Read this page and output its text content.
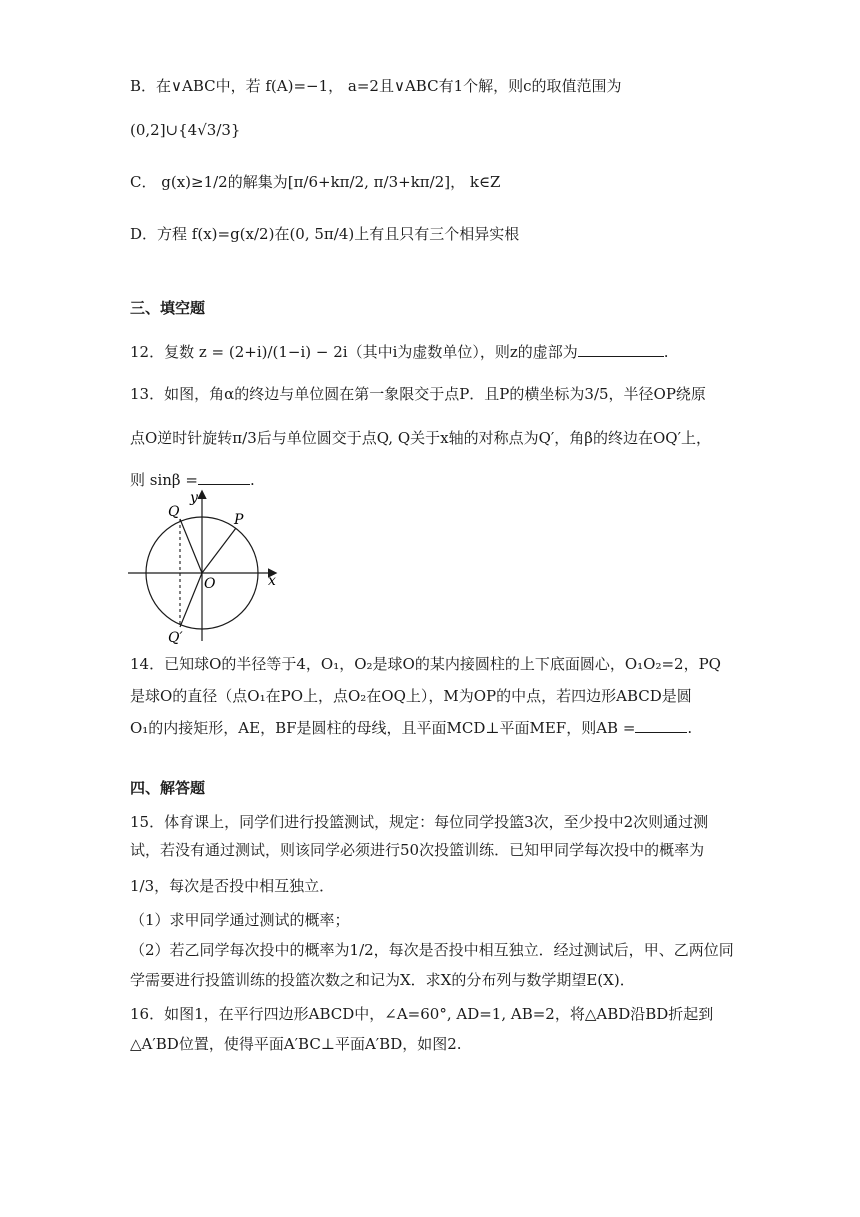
B．在∨ABC中，若 f(A)=−1， a=2且∨ABC有1个解，则c的取值范围为
(0,2]∪{4√3/3}
C． g(x)≥1/2的解集为[π/6+kπ/2, π/3+kπ/2]， k∈Z
D．方程 f(x)=g(x/2)在(0, 5π/4)上有且只有三个相异实根
三、填空题
12．复数 z = (2+i)/(1−i) − 2i（其中i为虚数单位），则z的虚部为	.
13．如图，角α的终边与单位圆在第一象限交于点P．且P的横坐标为3/5，半径OP绕原
点O逆时针旋转π/3后与单位圆交于点Q, Q关于x轴的对称点为Q′，角β的终边在OQ′上，
则 sinβ =	.
y
x
O
P
Q
Q′
14．已知球O的半径等于4，O₁，O₂是球O的某内接圆柱的上下底面圆心，O₁O₂=2，PQ
是球O的直径（点O₁在PO上，点O₂在OQ上），M为OP的中点，若四边形ABCD是圆
O₁的内接矩形，AE，BF是圆柱的母线，且平面MCD⊥平面MEF，则AB =	.
四、解答题
15．体育课上，同学们进行投篮测试，规定：每位同学投篮3次，至少投中2次则通过测
试，若没有通过测试，则该同学必须进行50次投篮训练．已知甲同学每次投中的概率为
1/3，每次是否投中相互独立．
（1）求甲同学通过测试的概率；
（2）若乙同学每次投中的概率为1/2，每次是否投中相互独立．经过测试后，甲、乙两位同
学需要进行投篮训练的投篮次数之和记为X．求X的分布列与数学期望E(X)．
16．如图1，在平行四边形ABCD中，∠A=60°, AD=1, AB=2，将△ABD沿BD折起到
△A′BD位置，使得平面A′BC⊥平面A′BD，如图2.
